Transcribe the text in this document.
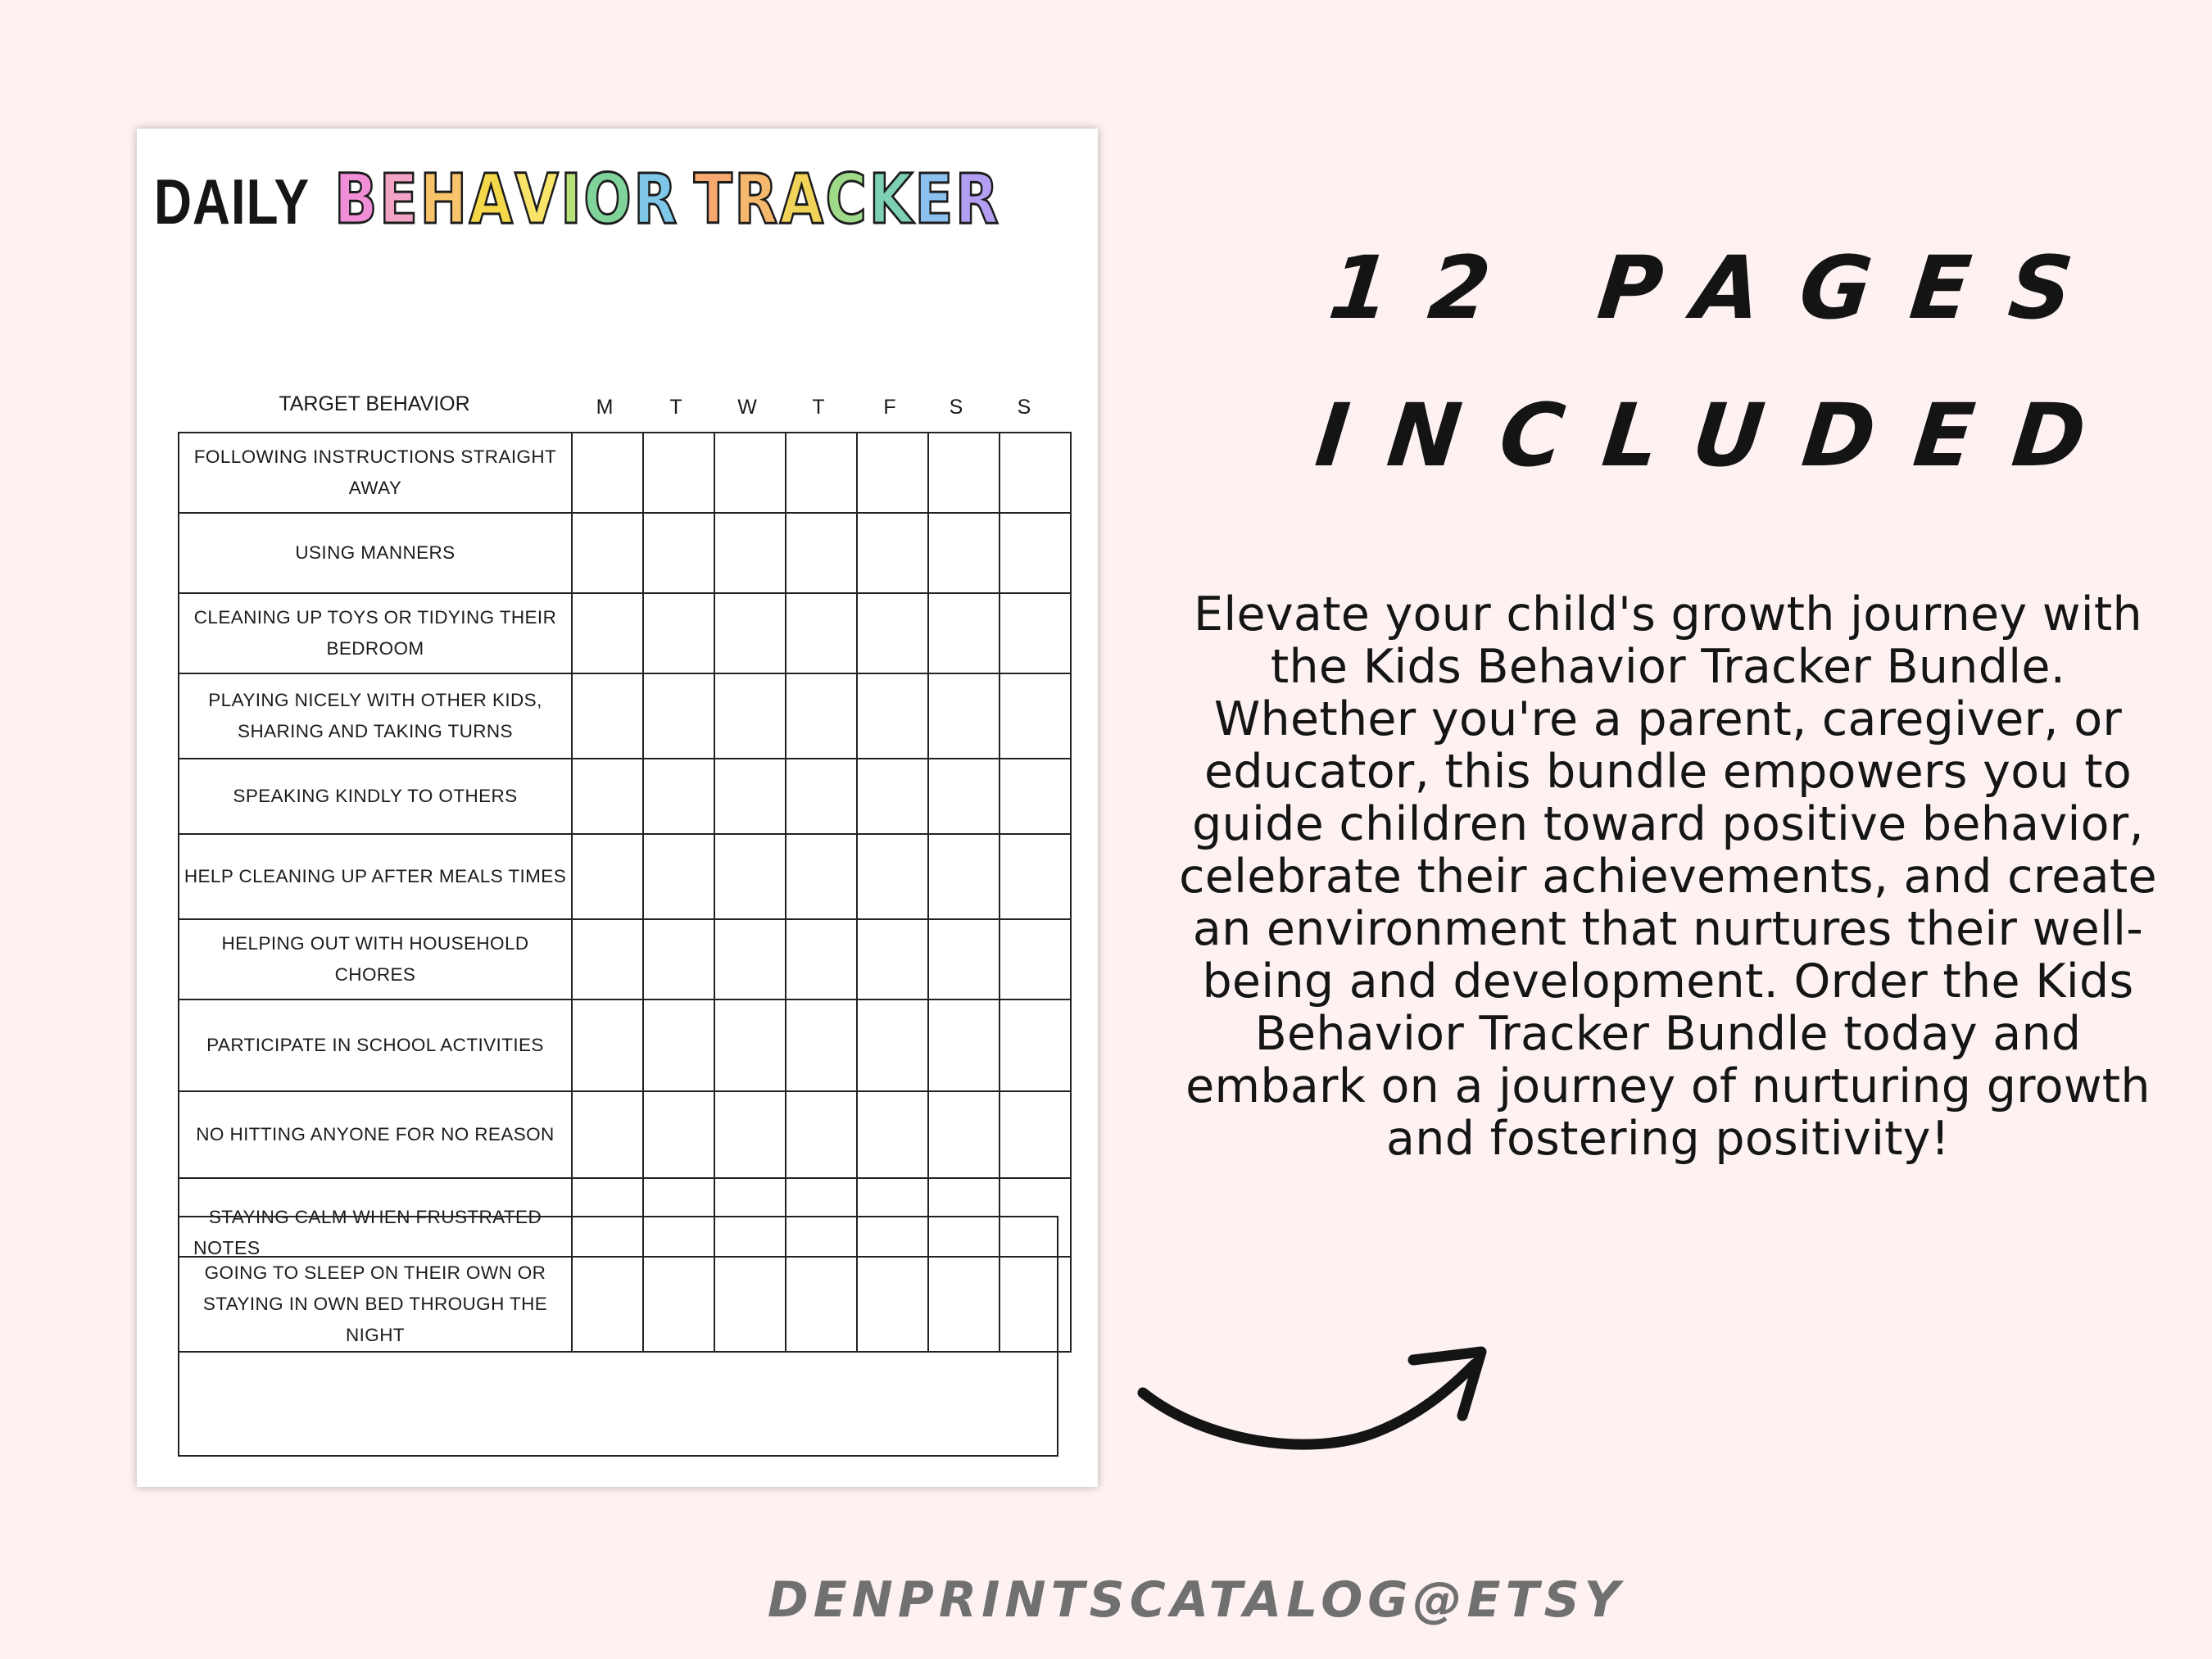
DAILY BEHAVIOR TRACKER
TARGET BEHAVIOR	M	T	W	T	F	S	S
FOLLOWING INSTRUCTIONS STRAIGHT AWAY							
USING MANNERS							
CLEANING UP TOYS OR TIDYING THEIR BEDROOM							
PLAYING NICELY WITH OTHER KIDS, SHARING AND TAKING TURNS							
SPEAKING KINDLY TO OTHERS							
HELP CLEANING UP AFTER MEALS TIMES							
HELPING OUT WITH HOUSEHOLD CHORES							
PARTICIPATE IN SCHOOL ACTIVITIES							
NO HITTING ANYONE FOR NO REASON							
STAYING CALM WHEN FRUSTRATED							
GOING TO SLEEP ON THEIR OWN OR STAYING IN OWN BED THROUGH THE NIGHT							
NOTES
12 PAGES
INCLUDED
Elevate your child's growth journey with the Kids Behavior Tracker Bundle. Whether you're a parent, caregiver, or educator, this bundle empowers you to guide children toward positive behavior, celebrate their achievements, and create an environment that nurtures their well-being and development. Order the Kids Behavior Tracker Bundle today and embark on a journey of nurturing growth and fostering positivity!
DENPRINTSCATALOG@ETSY
